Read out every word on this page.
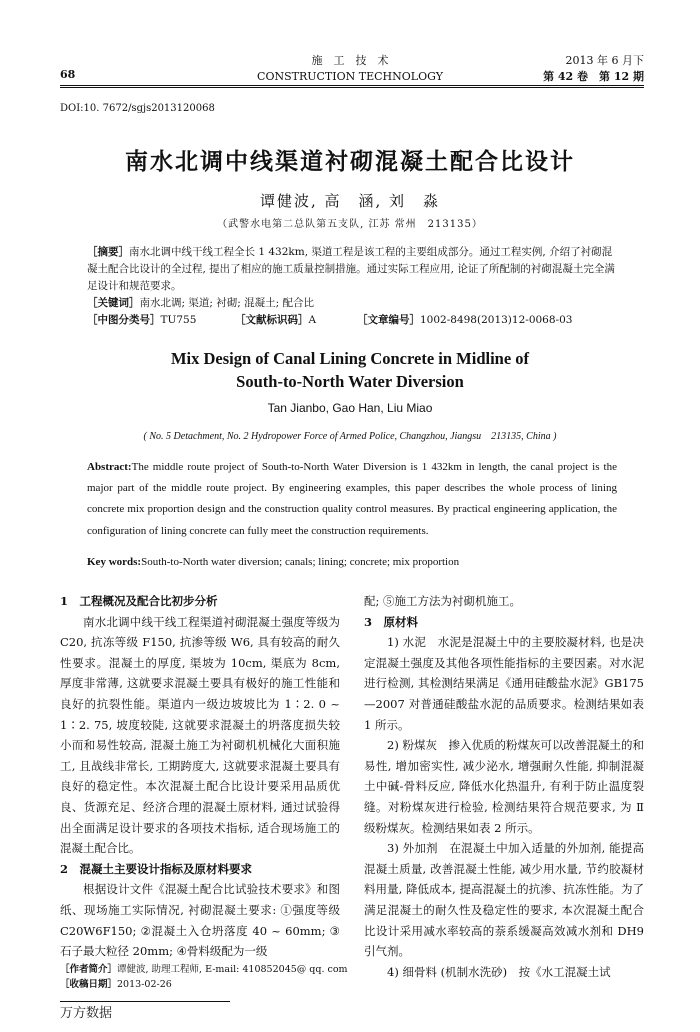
施　工　技　术
CONSTRUCTION TECHNOLOGY
68
2013 年 6 月下
第 42 卷　第 12 期
DOI:10. 7672/sgjs2013120068
南水北调中线渠道衬砌混凝土配合比设计
谭健波, 高　涵, 刘　淼
（武警水电第二总队第五支队, 江苏 常州　213135）
［摘要］南水北调中线干线工程全长 1 432km, 渠道工程是该工程的主要组成部分。通过工程实例, 介绍了衬砌混凝土配合比设计的全过程, 提出了相应的施工质量控制措施。通过实际工程应用, 论证了所配制的衬砌混凝土完全满足设计和规范要求。
［关键词］南水北调; 渠道; 衬砌; 混凝土; 配合比
［中图分类号］TU755	［文献标识码］A	［文章编号］1002-8498(2013)12-0068-03
Mix Design of Canal Lining Concrete in Midline of
South-to-North Water Diversion
Tan Jianbo, Gao Han, Liu Miao
( No. 5 Detachment, No. 2 Hydropower Force of Armed Police, Changzhou, Jiangsu　213135, China )
Abstract:The middle route project of South-to-North Water Diversion is 1 432km in length, the canal project is the major part of the middle route project. By engineering examples, this paper describes the whole process of lining concrete mix proportion design and the construction quality control measures. By practical engineering application, the configuration of lining concrete can fully meet the construction requirements.
Key words:South-to-North water diversion; canals; lining; concrete; mix proportion
1　工程概况及配合比初步分析

南水北调中线干线工程渠道衬砌混凝土强度等级为 C20, 抗冻等级 F150, 抗渗等级 W6, 具有较高的耐久性要求。混凝土的厚度, 渠坡为 10cm, 渠底为 8cm, 厚度非常薄, 这就要求混凝土要具有极好的施工性能和良好的抗裂性能。渠道内一级边坡坡比为 1∶2. 0 ~ 1∶2. 75, 坡度较陡, 这就要求混凝土的坍落度损失较小而和易性较高, 混凝土施工为衬砌机机械化大面积施工, 且战线非常长, 工期跨度大, 这就要求混凝土要具有良好的稳定性。本次混凝土配合比设计要采用品质优良、货源充足、经济合理的混凝土原材料, 通过试验得出全面满足设计要求的各项技术指标, 适合现场施工的混凝土配合比。

2　混凝土主要设计指标及原材料要求

根据设计文件《混凝土配合比试验技术要求》和图纸、现场施工实际情况, 衬砌混凝土要求: ①强度等级　C20W6F150; ②混凝土入仓坍落度 40 ~ 60mm; ③石子最大粒径 20mm; ④骨料级配为一级

［作者简介］谭健波, 助理工程师, E-mail: 410852045@ qq. com
［收稿日期］2013-02-26

配; ⑤施工方法为衬砌机施工。

3　原材料

1) 水泥　水泥是混凝土中的主要胶凝材料, 也是决定混凝土强度及其他各项性能指标的主要因素。对水泥进行检测, 其检测结果满足《通用硅酸盐水泥》GB175—2007 对普通硅酸盐水泥的品质要求。检测结果如表 1 所示。

2) 粉煤灰　掺入优质的粉煤灰可以改善混凝土的和易性, 增加密实性, 减少泌水, 增强耐久性能, 抑制混凝土中碱-骨料反应, 降低水化热温升, 有利于防止温度裂缝。对粉煤灰进行检验, 检测结果符合规范要求, 为 Ⅱ 级粉煤灰。检测结果如表 2 所示。

3) 外加剂　在混凝土中加入适量的外加剂, 能提高混凝土质量, 改善混凝土性能, 减少用水量, 节约胶凝材料用量, 降低成本, 提高混凝土的抗渗、抗冻性能。为了满足混凝土的耐久性及稳定性的要求, 本次混凝土配合比设计采用减水率较高的萘系缓凝高效减水剂和 DH9 引气剂。

4) 细骨料 (机制水洗砂)　按《水工混凝土试

万方数据
